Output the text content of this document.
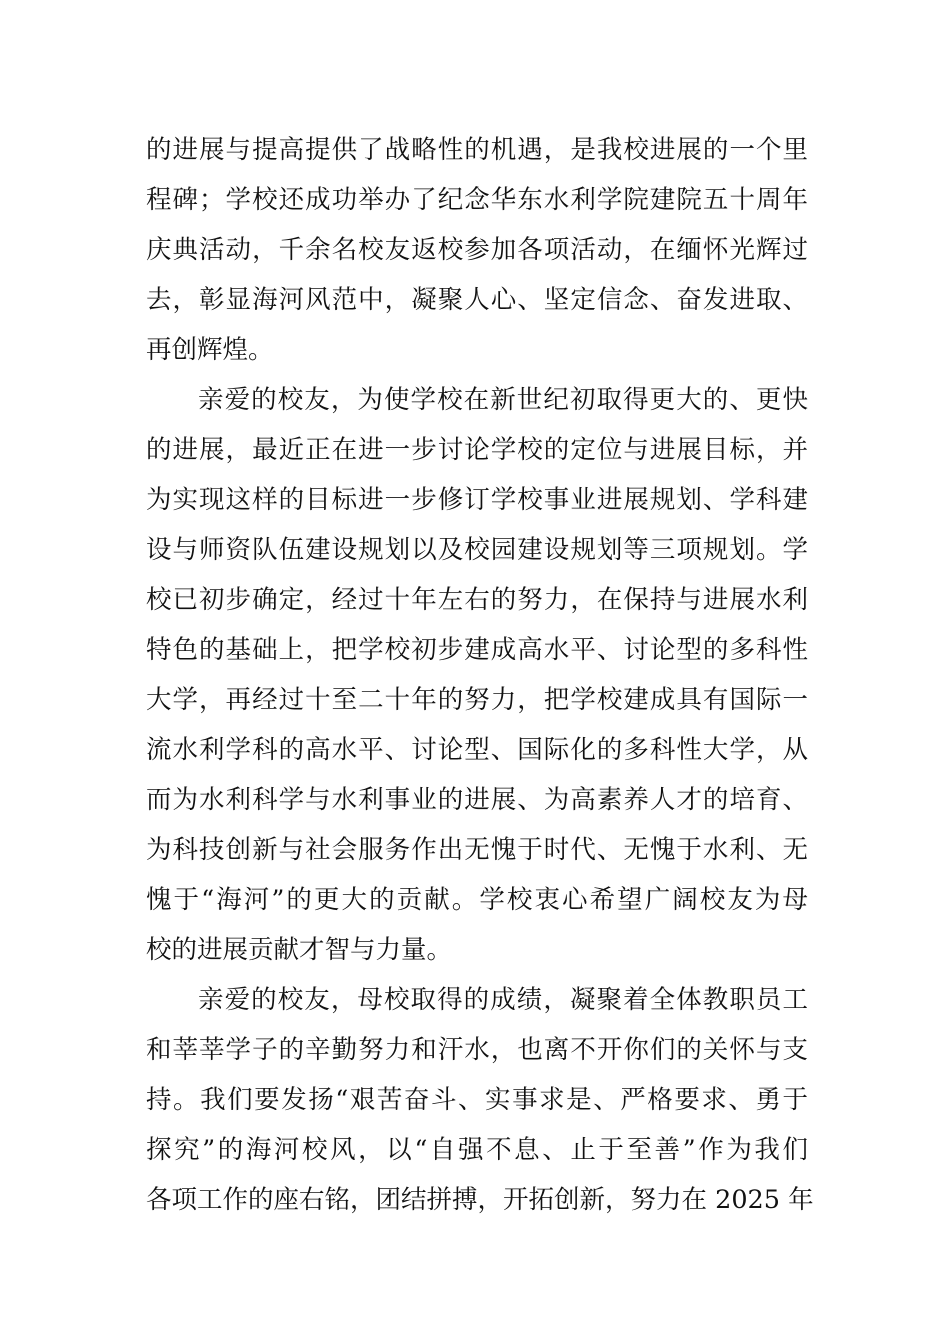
的进展与提高提供了战略性的机遇，是我校进展的一个里
程碑；学校还成功举办了纪念华东水利学院建院五十周年
庆典活动，千余名校友返校参加各项活动，在缅怀光辉过
去，彰显海河风范中，凝聚人心、坚定信念、奋发进取、
再创辉煌。
亲爱的校友，为使学校在新世纪初取得更大的、更快
的进展，最近正在进一步讨论学校的定位与进展目标，并
为实现这样的目标进一步修订学校事业进展规划、学科建
设与师资队伍建设规划以及校园建设规划等三项规划。学
校已初步确定，经过十年左右的努力，在保持与进展水利
特色的基础上，把学校初步建成高水平、讨论型的多科性
大学，再经过十至二十年的努力，把学校建成具有国际一
流水利学科的高水平、讨论型、国际化的多科性大学，从
而为水利科学与水利事业的进展、为高素养人才的培育、
为科技创新与社会服务作出无愧于时代、无愧于水利、无
愧于“海河”的更大的贡献。学校衷心希望广阔校友为母
校的进展贡献才智与力量。
亲爱的校友，母校取得的成绩，凝聚着全体教职员工
和莘莘学子的辛勤努力和汗水，也离不开你们的关怀与支
持。我们要发扬“艰苦奋斗、实事求是、严格要求、勇于
探究”的海河校风，以“自强不息、止于至善”作为我们
各项工作的座右铭，团结拼搏，开拓创新，努力在 2025 年
